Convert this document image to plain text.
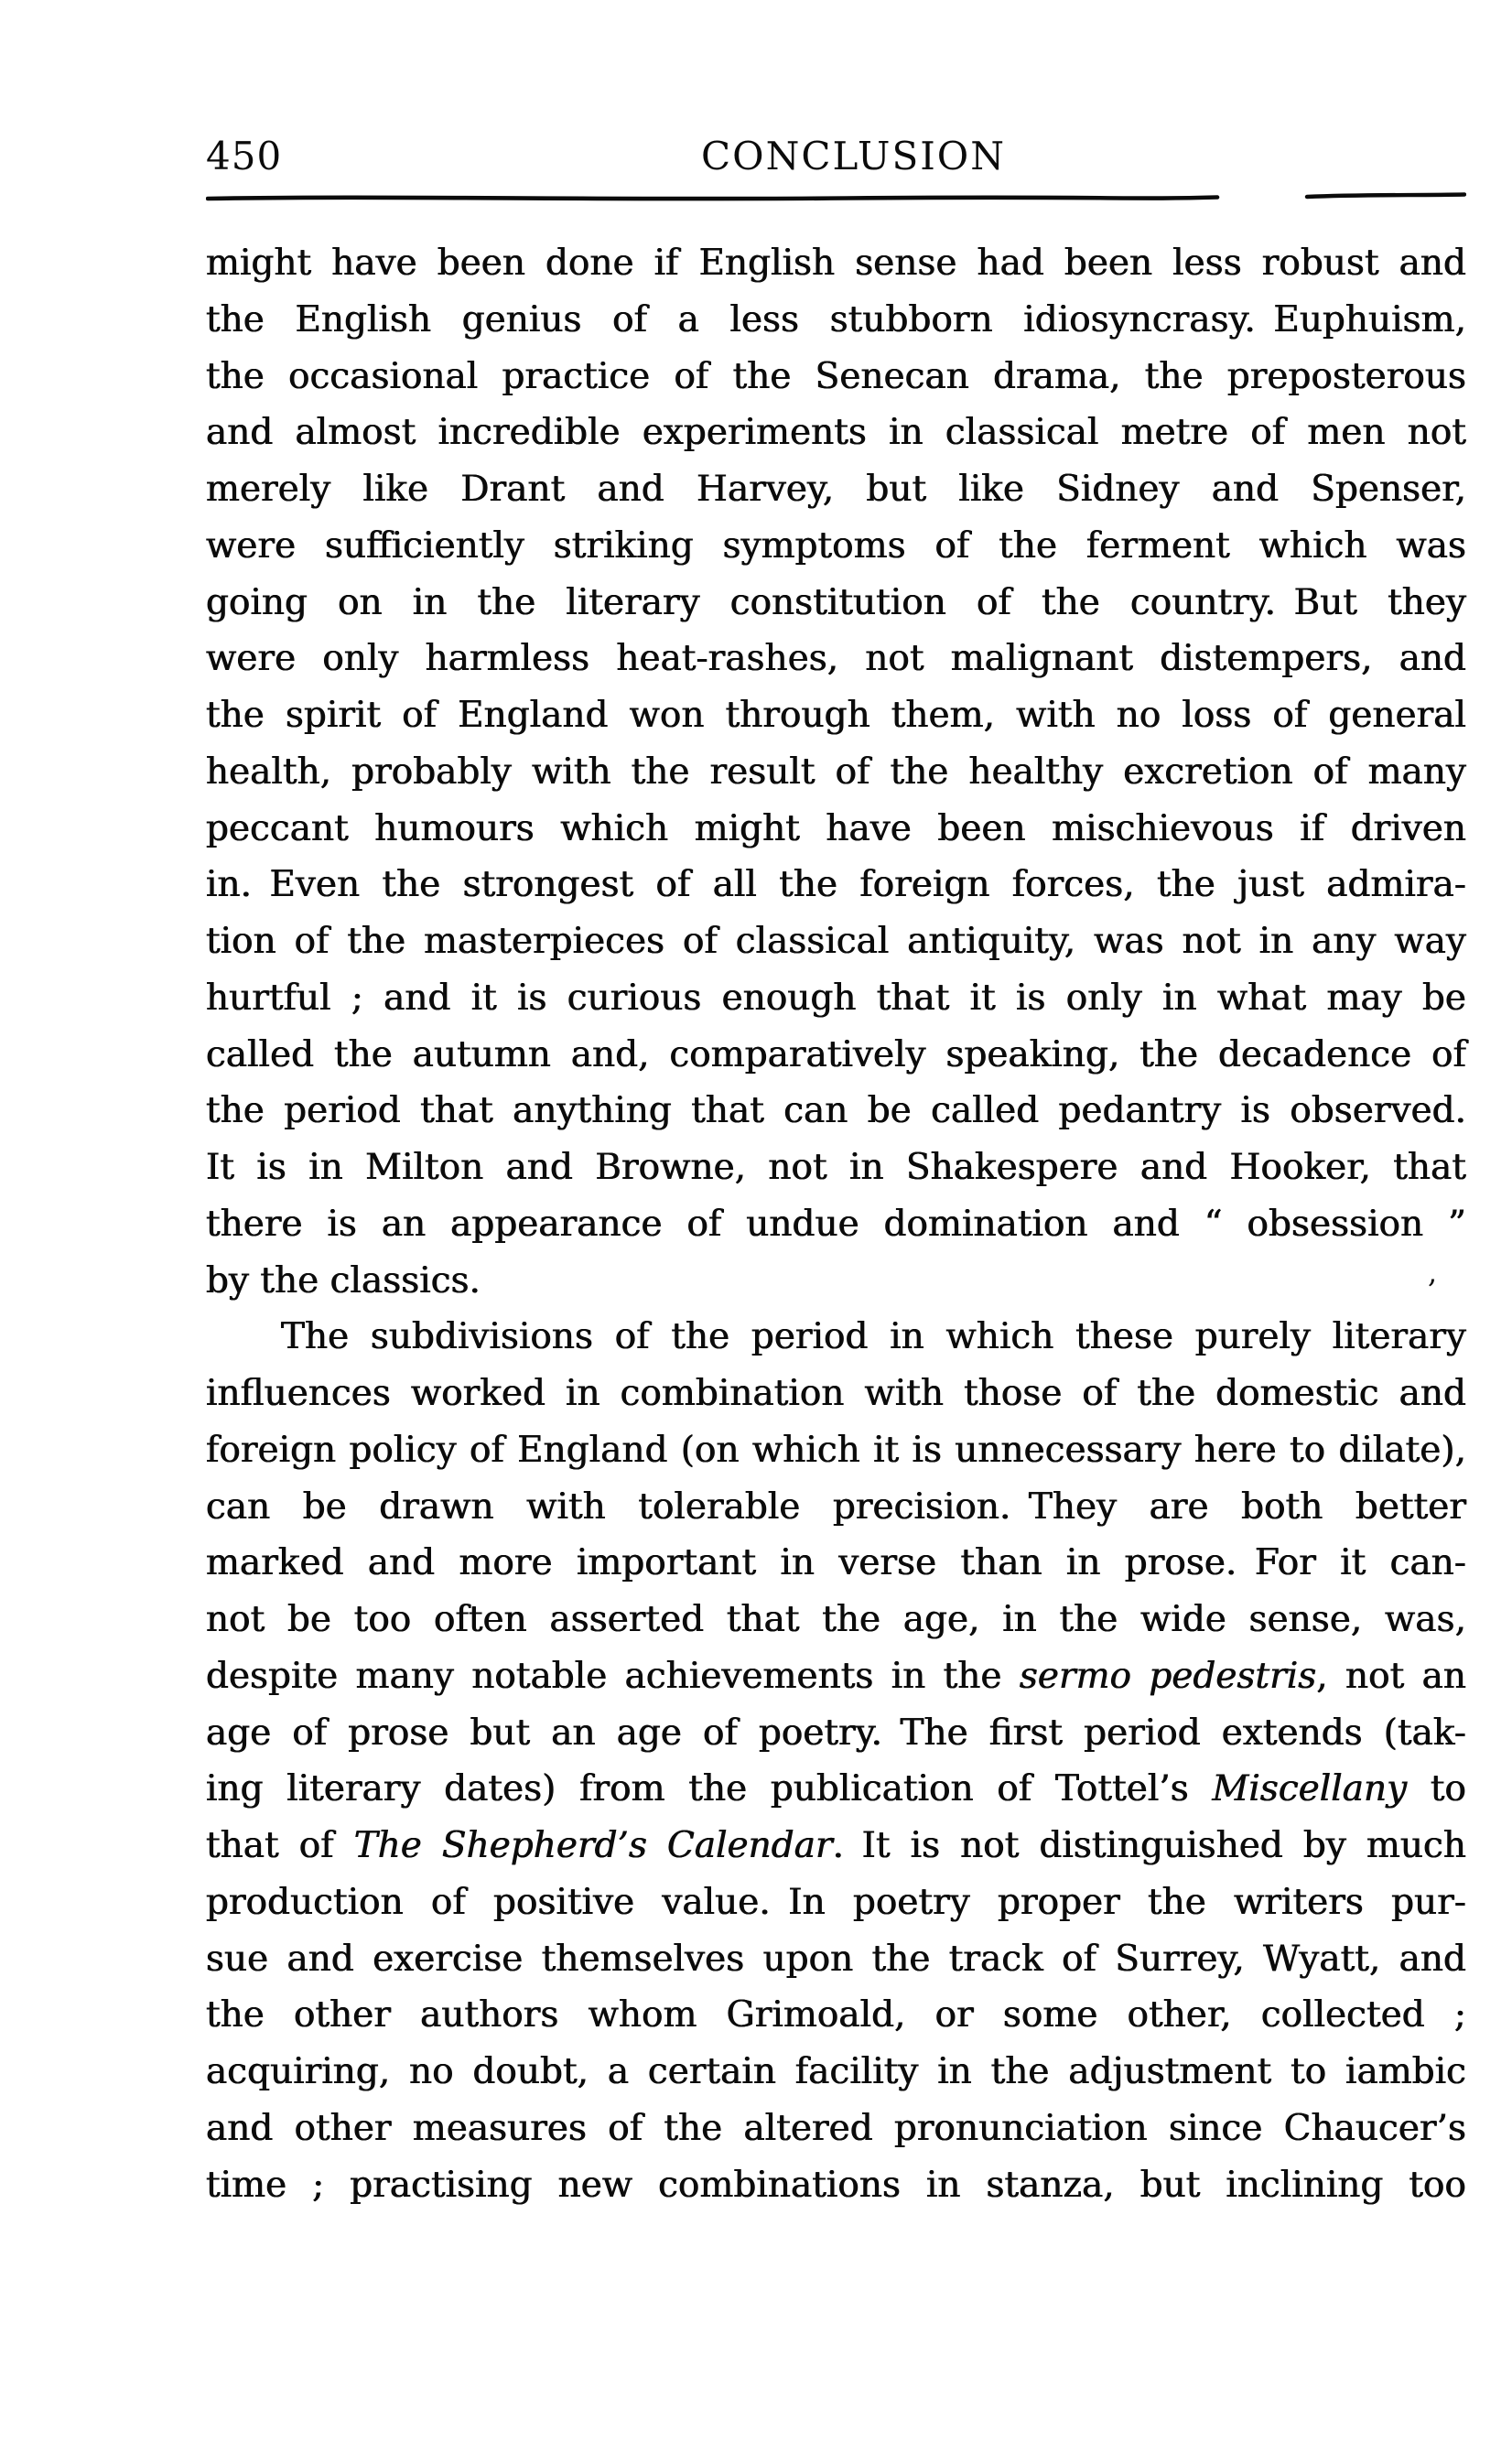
450	CONCLUSION
might have been done if English sense had been less robust and
the English genius of a less stubborn idiosyncrasy. Euphuism,
the occasional practice of the Senecan drama, the preposterous
and almost incredible experiments in classical metre of men not
merely like Drant and Harvey, but like Sidney and Spenser,
were sufficiently striking symptoms of the ferment which was
going on in the literary constitution of the country. But they
were only harmless heat-rashes, not malignant distempers, and
the spirit of England won through them, with no loss of general
health, probably with the result of the healthy excretion of many
peccant humours which might have been mischievous if driven
in. Even the strongest of all the foreign forces, the just admira-
tion of the masterpieces of classical antiquity, was not in any way
hurtful ; and it is curious enough that it is only in what may be
called the autumn and, comparatively speaking, the decadence of
the period that anything that can be called pedantry is observed.
It is in Milton and Browne, not in Shakespere and Hooker, that
there is an appearance of undue domination and “ obsession ”
by the classics.
The subdivisions of the period in which these purely literary
influences worked in combination with those of the domestic and
foreign policy of England (on which it is unnecessary here to dilate),
can be drawn with tolerable precision. They are both better
marked and more important in verse than in prose. For it can-
not be too often asserted that the age, in the wide sense, was,
despite many notable achievements in the sermo pedestris, not an
age of prose but an age of poetry. The first period extends (tak-
ing literary dates) from the publication of Tottel’s Miscellany to
that of The Shepherd’s Calendar. It is not distinguished by much
production of positive value. In poetry proper the writers pur-
sue and exercise themselves upon the track of Surrey, Wyatt, and
the other authors whom Grimoald, or some other, collected ;
acquiring, no doubt, a certain facility in the adjustment to iambic
and other measures of the altered pronunciation since Chaucer’s
time ; practising new combinations in stanza, but inclining too
,
